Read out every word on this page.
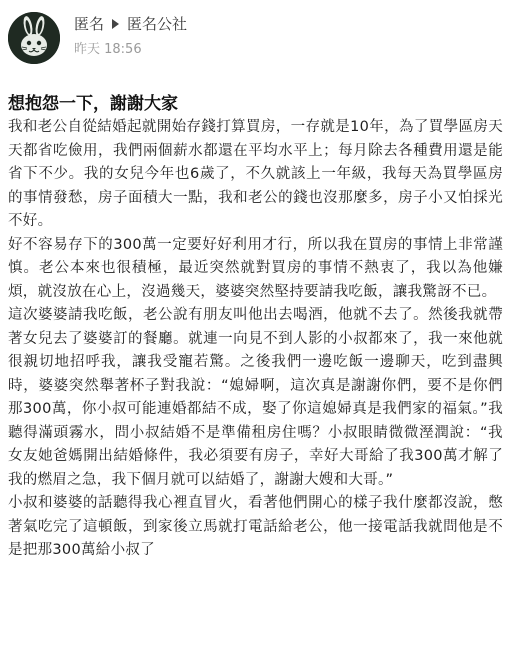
匿名 匿名公社
昨天 18:56
想抱怨一下，謝謝大家

我和老公自從結婚起就開始存錢打算買房，一存就是10年，為了買學區房天天都省吃儉用，我們兩個薪水都還在平均水平上；每月除去各種費用還是能省下不少。我的女兒今年也6歲了，不久就該上一年級，我每天為買學區房的事情發愁，房子面積大一點，我和老公的錢也沒那麼多，房子小又怕採光不好。

好不容易存下的300萬一定要好好利用才行，所以我在買房的事情上非常謹慎。老公本來也很積極，最近突然就對買房的事情不熱衷了，我以為他嫌煩，就沒放在心上，沒過幾天，婆婆突然堅持要請我吃飯，讓我驚訝不已。

這次婆婆請我吃飯，老公說有朋友叫他出去喝酒，他就不去了。然後我就帶著女兒去了婆婆訂的餐廳。就連一向見不到人影的小叔都來了，我一來他就很親切地招呼我，讓我受寵若驚。之後我們一邊吃飯一邊聊天，吃到盡興時，婆婆突然舉著杯子對我說：“媳婦啊，這次真是謝謝你們，要不是你們那300萬，你小叔可能連婚都結不成，娶了你這媳婦真是我們家的福氣。”我聽得滿頭霧水，問小叔結婚不是準備租房住嗎？小叔眼睛微微溼潤說：“我女友她爸媽開出結婚條件，我必須要有房子，幸好大哥給了我300萬才解了我的燃眉之急，我下個月就可以結婚了，謝謝大嫂和大哥。”

小叔和婆婆的話聽得我心裡直冒火，看著他們開心的樣子我什麼都沒說，憋著氣吃完了這頓飯，到家後立馬就打電話給老公，他一接電話我就問他是不是把那300萬給小叔了
